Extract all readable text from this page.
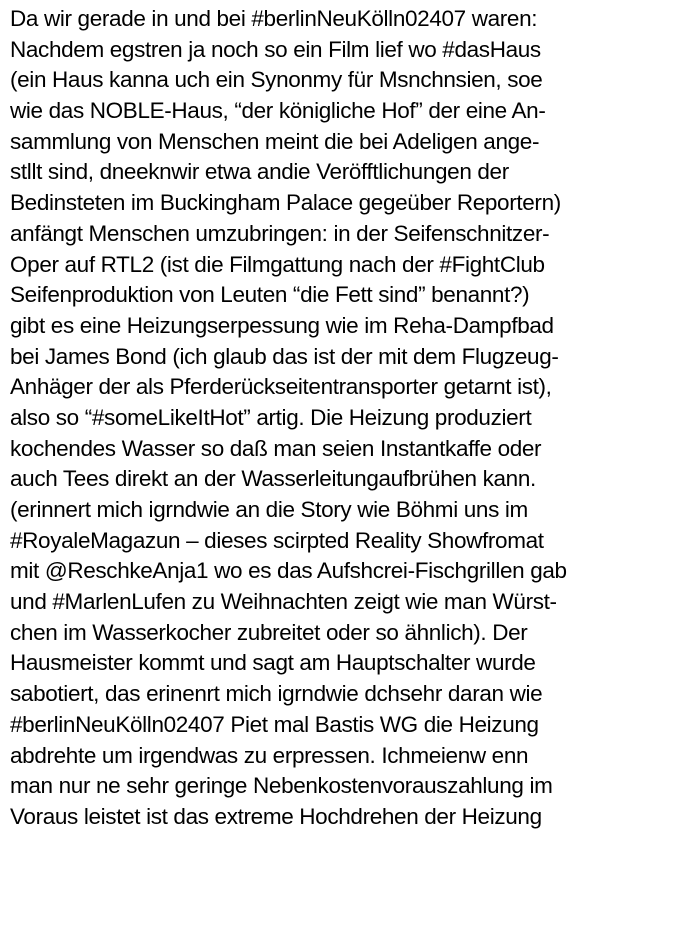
Da wir gerade in und bei #berlinNeuKölln02407 waren:
Nachdem egstren ja noch so ein Film lief wo #dasHaus
(ein Haus kanna uch ein Synonmy für Msnchnsien, soe
wie das NOBLE-Haus, “der königliche Hof” der eine An-
sammlung von Menschen meint die bei Adeligen ange-
stllt sind, dneeknwir etwa andie Veröfftlichungen der
Bedinsteten im Buckingham Palace gegeüber Reportern)
anfängt Menschen umzubringen: in der Seifenschnitzer-
Oper auf RTL2 (ist die Filmgattung nach der #FightClub
Seifenproduktion von Leuten “die Fett sind” benannt?)
gibt es eine Heizungserpessung wie im Reha-Dampfbad
bei James Bond (ich glaub das ist der mit dem Flugzeug-
Anhäger der als Pferderückseitentransporter getarnt ist),
also so “#someLikeItHot” artig. Die Heizung produziert
kochendes Wasser so daß man seien Instantkaffe oder
auch Tees direkt an der Wasserleitungaufbrühen kann.
(erinnert mich igrndwie an die Story wie Böhmi uns im
#RoyaleMagazun – dieses scirpted Reality Showfromat
mit @ReschkeAnja1 wo es das Aufshcrei-Fischgrillen gab
und #MarlenLufen zu Weihnachten zeigt wie man Würst-
chen im Wasserkocher zubreitet oder so ähnlich). Der
Hausmeister kommt und sagt am Hauptschalter wurde
sabotiert, das erinenrt mich igrndwie dchsehr daran wie
#berlinNeuKölln02407 Piet mal Bastis WG die Heizung
abdrehte um irgendwas zu erpressen. Ichmeienw enn
man nur ne sehr geringe Nebenkostenvorauszahlung im
Voraus leistet ist das extreme Hochdrehen der Heizung
